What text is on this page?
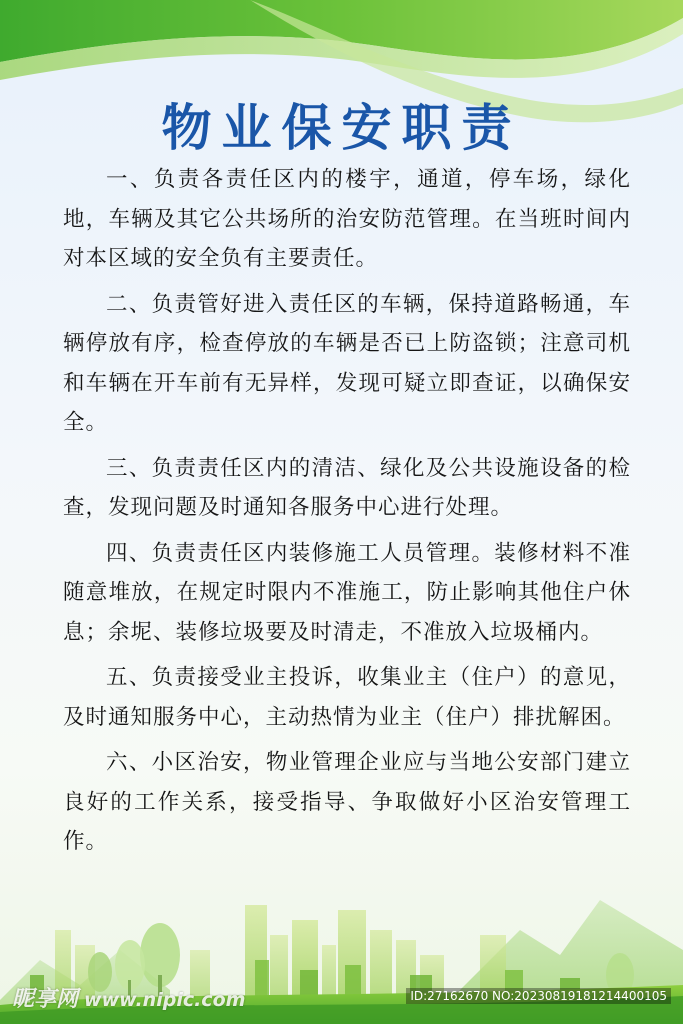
物业保安职责

一、负责各责任区内的楼宇，通道，停车场，绿化地，车辆及其它公共场所的治安防范管理。在当班时间内对本区域的安全负有主要责任。

二、负责管好进入责任区的车辆，保持道路畅通，车辆停放有序，检查停放的车辆是否已上防盗锁；注意司机和车辆在开车前有无异样，发现可疑立即查证，以确保安全。

三、负责责任区内的清洁、绿化及公共设施设备的检查，发现问题及时通知各服务中心进行处理。

四、负责责任区内装修施工人员管理。装修材料不准随意堆放，在规定时限内不准施工，防止影响其他住户休息；余坭、装修垃圾要及时清走，不准放入垃圾桶内。

五、负责接受业主投诉，收集业主（住户）的意见，及时通知服务中心，主动热情为业主（住户）排扰解困。

六、小区治安，物业管理企业应与当地公安部门建立良好的工作关系，接受指导、争取做好小区治安管理工作。

昵享网 www.nipic.com	ID:27162670 NO:20230819181214400105
